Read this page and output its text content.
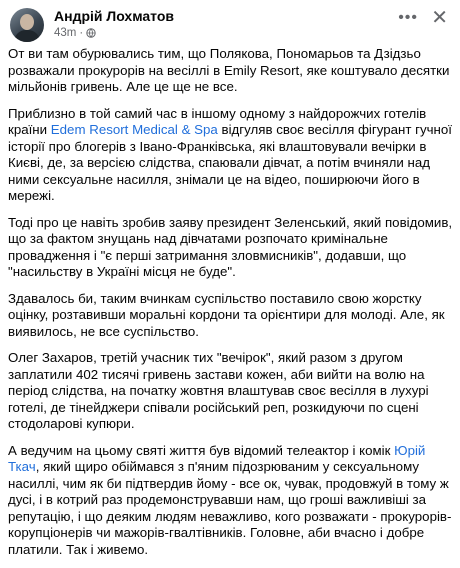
Андрій Лохматов
43m ·
••• ✕

От ви там обурювались тим, що Полякова, Пономарьов та Дзідзьо розважали прокурорів на весіллі в Emily Resort, яке коштувало десятки мільйонів гривень. Але це ще не все.

Приблизно в той самий час в іншому одному з найдорожчих готелів країни Edem Resort Medical & Spa відгуляв своє весілля фігурант гучної історії про блогерів з Івано-Франківська, які влаштовували вечірки в Києві, де, за версією слідства, спаювали дівчат, а потім вчиняли над ними сексуальне насилля, знімали це на відео, поширюючи його в мережі.

Тоді про це навіть зробив заяву президент Зеленський, який повідомив, що за фактом знущань над дівчатами розпочато кримінальне провадження і "є перші затримання зловмисників", додавши, що "насильству в Україні місця не буде".

Здавалось би, таким вчинкам суспільство поставило свою жорстку оцінку, розтавивши моральні кордони та орієнтири для молоді. Але, як виявилось, не все суспільство.

Олег Захаров, третій учасник тих "вечірок", який разом з другом заплатили 402 тисячі гривень застави кожен, аби вийти на волю на період слідства, на початку жовтня влаштував своє весілля в лухурі готелі, де тінейджери співали російський реп, розкидуючи по сцені стодоларові купюри.

А ведучим на цьому святі життя був відомий телеактор і комік Юрій Ткач, який щиро обіймався з п'яним підозрюваним у сексуальному насиллі, чим як би підтвердив йому - все ок, чувак, продовжуй в тому ж дусі, і в котрий раз продемонструвавши нам, що гроші важливіші за репутацію, і що деяким людям неважливо, кого розважати - прокурорів-корупціонерів чи мажорів-гвалтівників. Головне, аби вчасно і добре платили. Так і живемо.
